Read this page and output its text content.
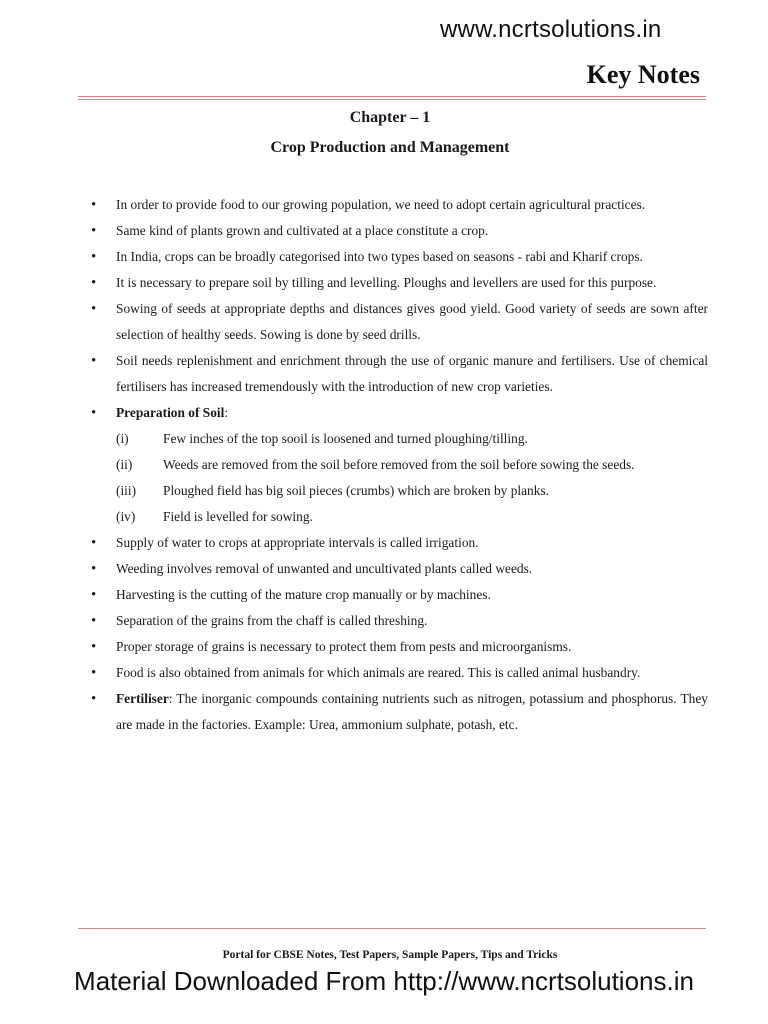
www.ncrtsolutions.in
Key Notes
Chapter – 1
Crop Production and Management
• In order to provide food to our growing population, we need to adopt certain agricultural practices.
• Same kind of plants grown and cultivated at a place constitute a crop.
• In India, crops can be broadly categorised into two types based on seasons - rabi and Kharif crops.
• It is necessary to prepare soil by tilling and levelling. Ploughs and levellers are used for this purpose.
• Sowing of seeds at appropriate depths and distances gives good yield. Good variety of seeds are sown after selection of healthy seeds. Sowing is done by seed drills.
• Soil needs replenishment and enrichment through the use of organic manure and fertilisers. Use of chemical fertilisers has increased tremendously with the introduction of new crop varieties.
• Preparation of Soil:
(i)	Few inches of the top sooil is loosened and turned ploughing/tilling.
(ii) Weeds are removed from the soil before removed from the soil before sowing the seeds.
(iii) Ploughed field has big soil pieces (crumbs) which are broken by planks.
(iv) Field is levelled for sowing.
• Supply of water to crops at appropriate intervals is called irrigation.
• Weeding involves removal of unwanted and uncultivated plants called weeds.
• Harvesting is the cutting of the mature crop manually or by machines.
• Separation of the grains from the chaff is called threshing.
• Proper storage of grains is necessary to protect them from pests and microorganisms.
• Food is also obtained from animals for which animals are reared. This is called animal husbandry.
• Fertiliser: The inorganic compounds containing nutrients such as nitrogen, potassium and phosphorus. They are made in the factories. Example: Urea, ammonium sulphate, potash, etc.
Portal for CBSE Notes, Test Papers, Sample Papers, Tips and Tricks
Material Downloaded From http://www.ncrtsolutions.in
